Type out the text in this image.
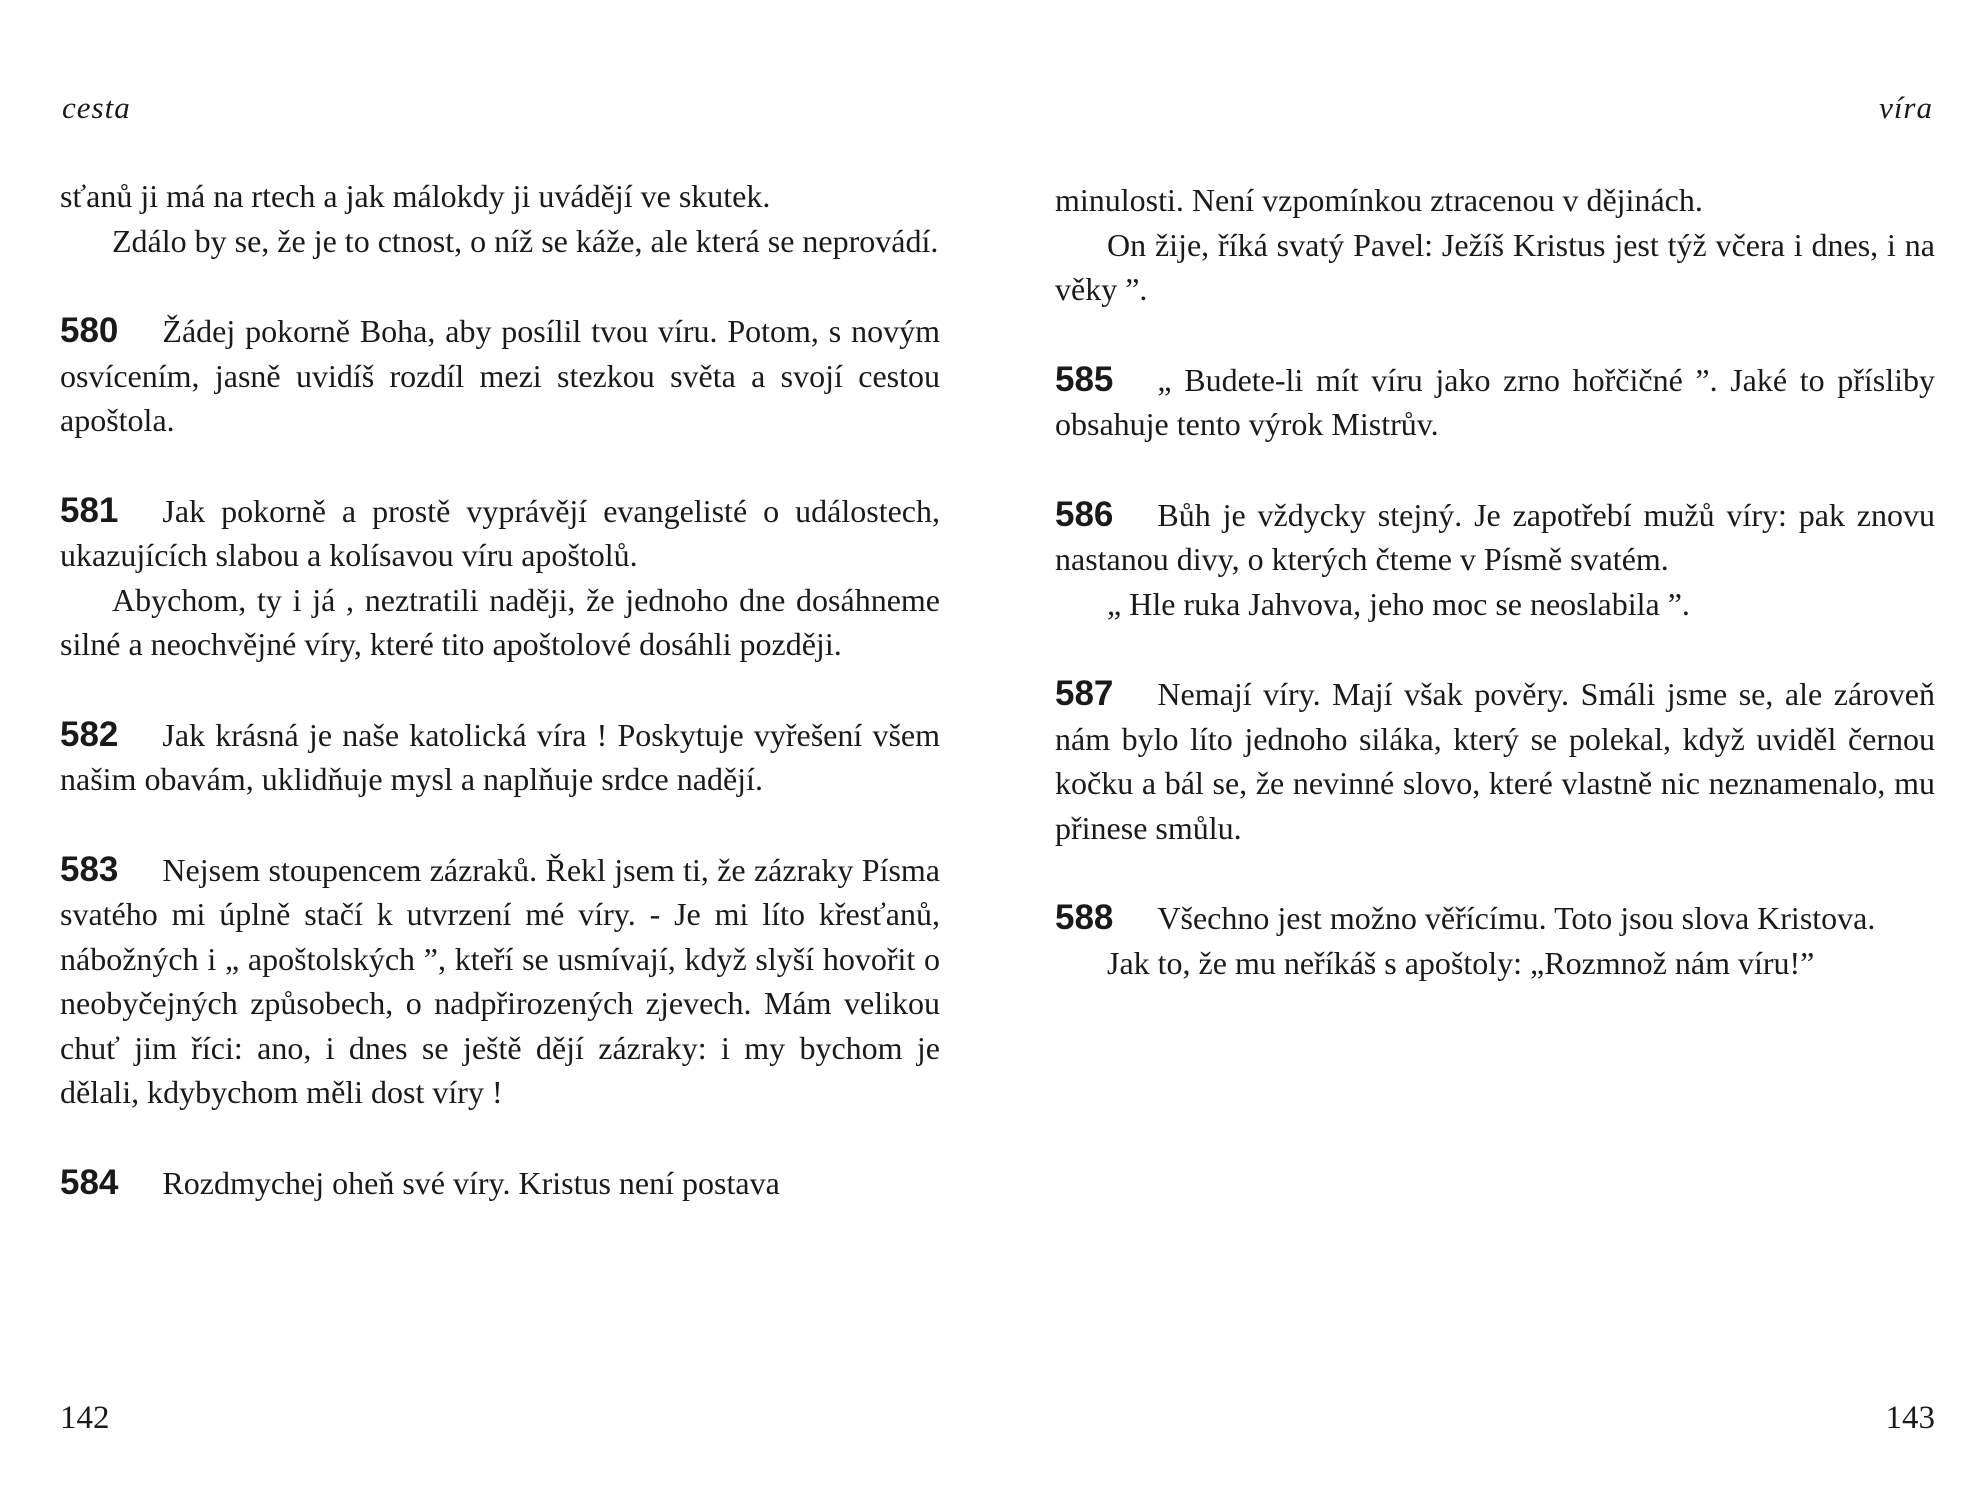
cesta

sťanů ji má na rtech a jak málokdy ji uvádějí ve skutek.

Zdálo by se, že je to ctnost, o níž se káže, ale která se neprovádí.

580 Žádej pokorně Boha, aby posílil tvou víru. Potom, s novým osvícením, jasně uvidíš rozdíl mezi stezkou světa a svojí cestou apoštola.

581 Jak pokorně a prostě vyprávějí evangelisté o událostech, ukazujících slabou a kolísavou víru apoštolů.

Abychom, ty i já , neztratili naději, že jednoho dne dosáhneme silné a neochvějné víry, které tito apoštolové dosáhli později.

582 Jak krásná je naše katolická víra ! Poskytuje vyřešení všem našim obavám, uklidňuje mysl a naplňuje srdce nadějí.

583 Nejsem stoupencem zázraků. Řekl jsem ti, že zázraky Písma svatého mi úplně stačí k utvrzení mé víry. - Je mi líto křesťanů, nábožných i „ apoštolských ”, kteří se usmívají, když slyší hovořit o neobyčejných způsobech, o nadpřirozených zjevech. Mám velikou chuť jim říci: ano, i dnes se ještě dějí zázraky: i my bychom je dělali, kdybychom měli dost víry !

584 Rozdmychej oheň své víry. Kristus není postava

142
víra

minulosti. Není vzpomínkou ztracenou v dějinách.

On žije, říká svatý Pavel: Ježíš Kristus jest týž včera i dnes, i na věky ”.

585 „ Budete-li mít víru jako zrno hořčičné ”. Jaké to přísliby obsahuje tento výrok Mistrův.

586 Bůh je vždycky stejný. Je zapotřebí mužů víry: pak znovu nastanou divy, o kterých čteme v Písmě svatém.

„ Hle ruka Jahvova, jeho moc se neoslabila ”.

587 Nemají víry. Mají však pověry. Smáli jsme se, ale zároveň nám bylo líto jednoho siláka, který se polekal, když uviděl černou kočku a bál se, že nevinné slovo, které vlastně nic neznamenalo, mu přinese smůlu.

588 Všechno jest možno věřícímu. Toto jsou slova Kristova.

Jak to, že mu neříkáš s apoštoly: „Rozmnož nám víru!”

143
